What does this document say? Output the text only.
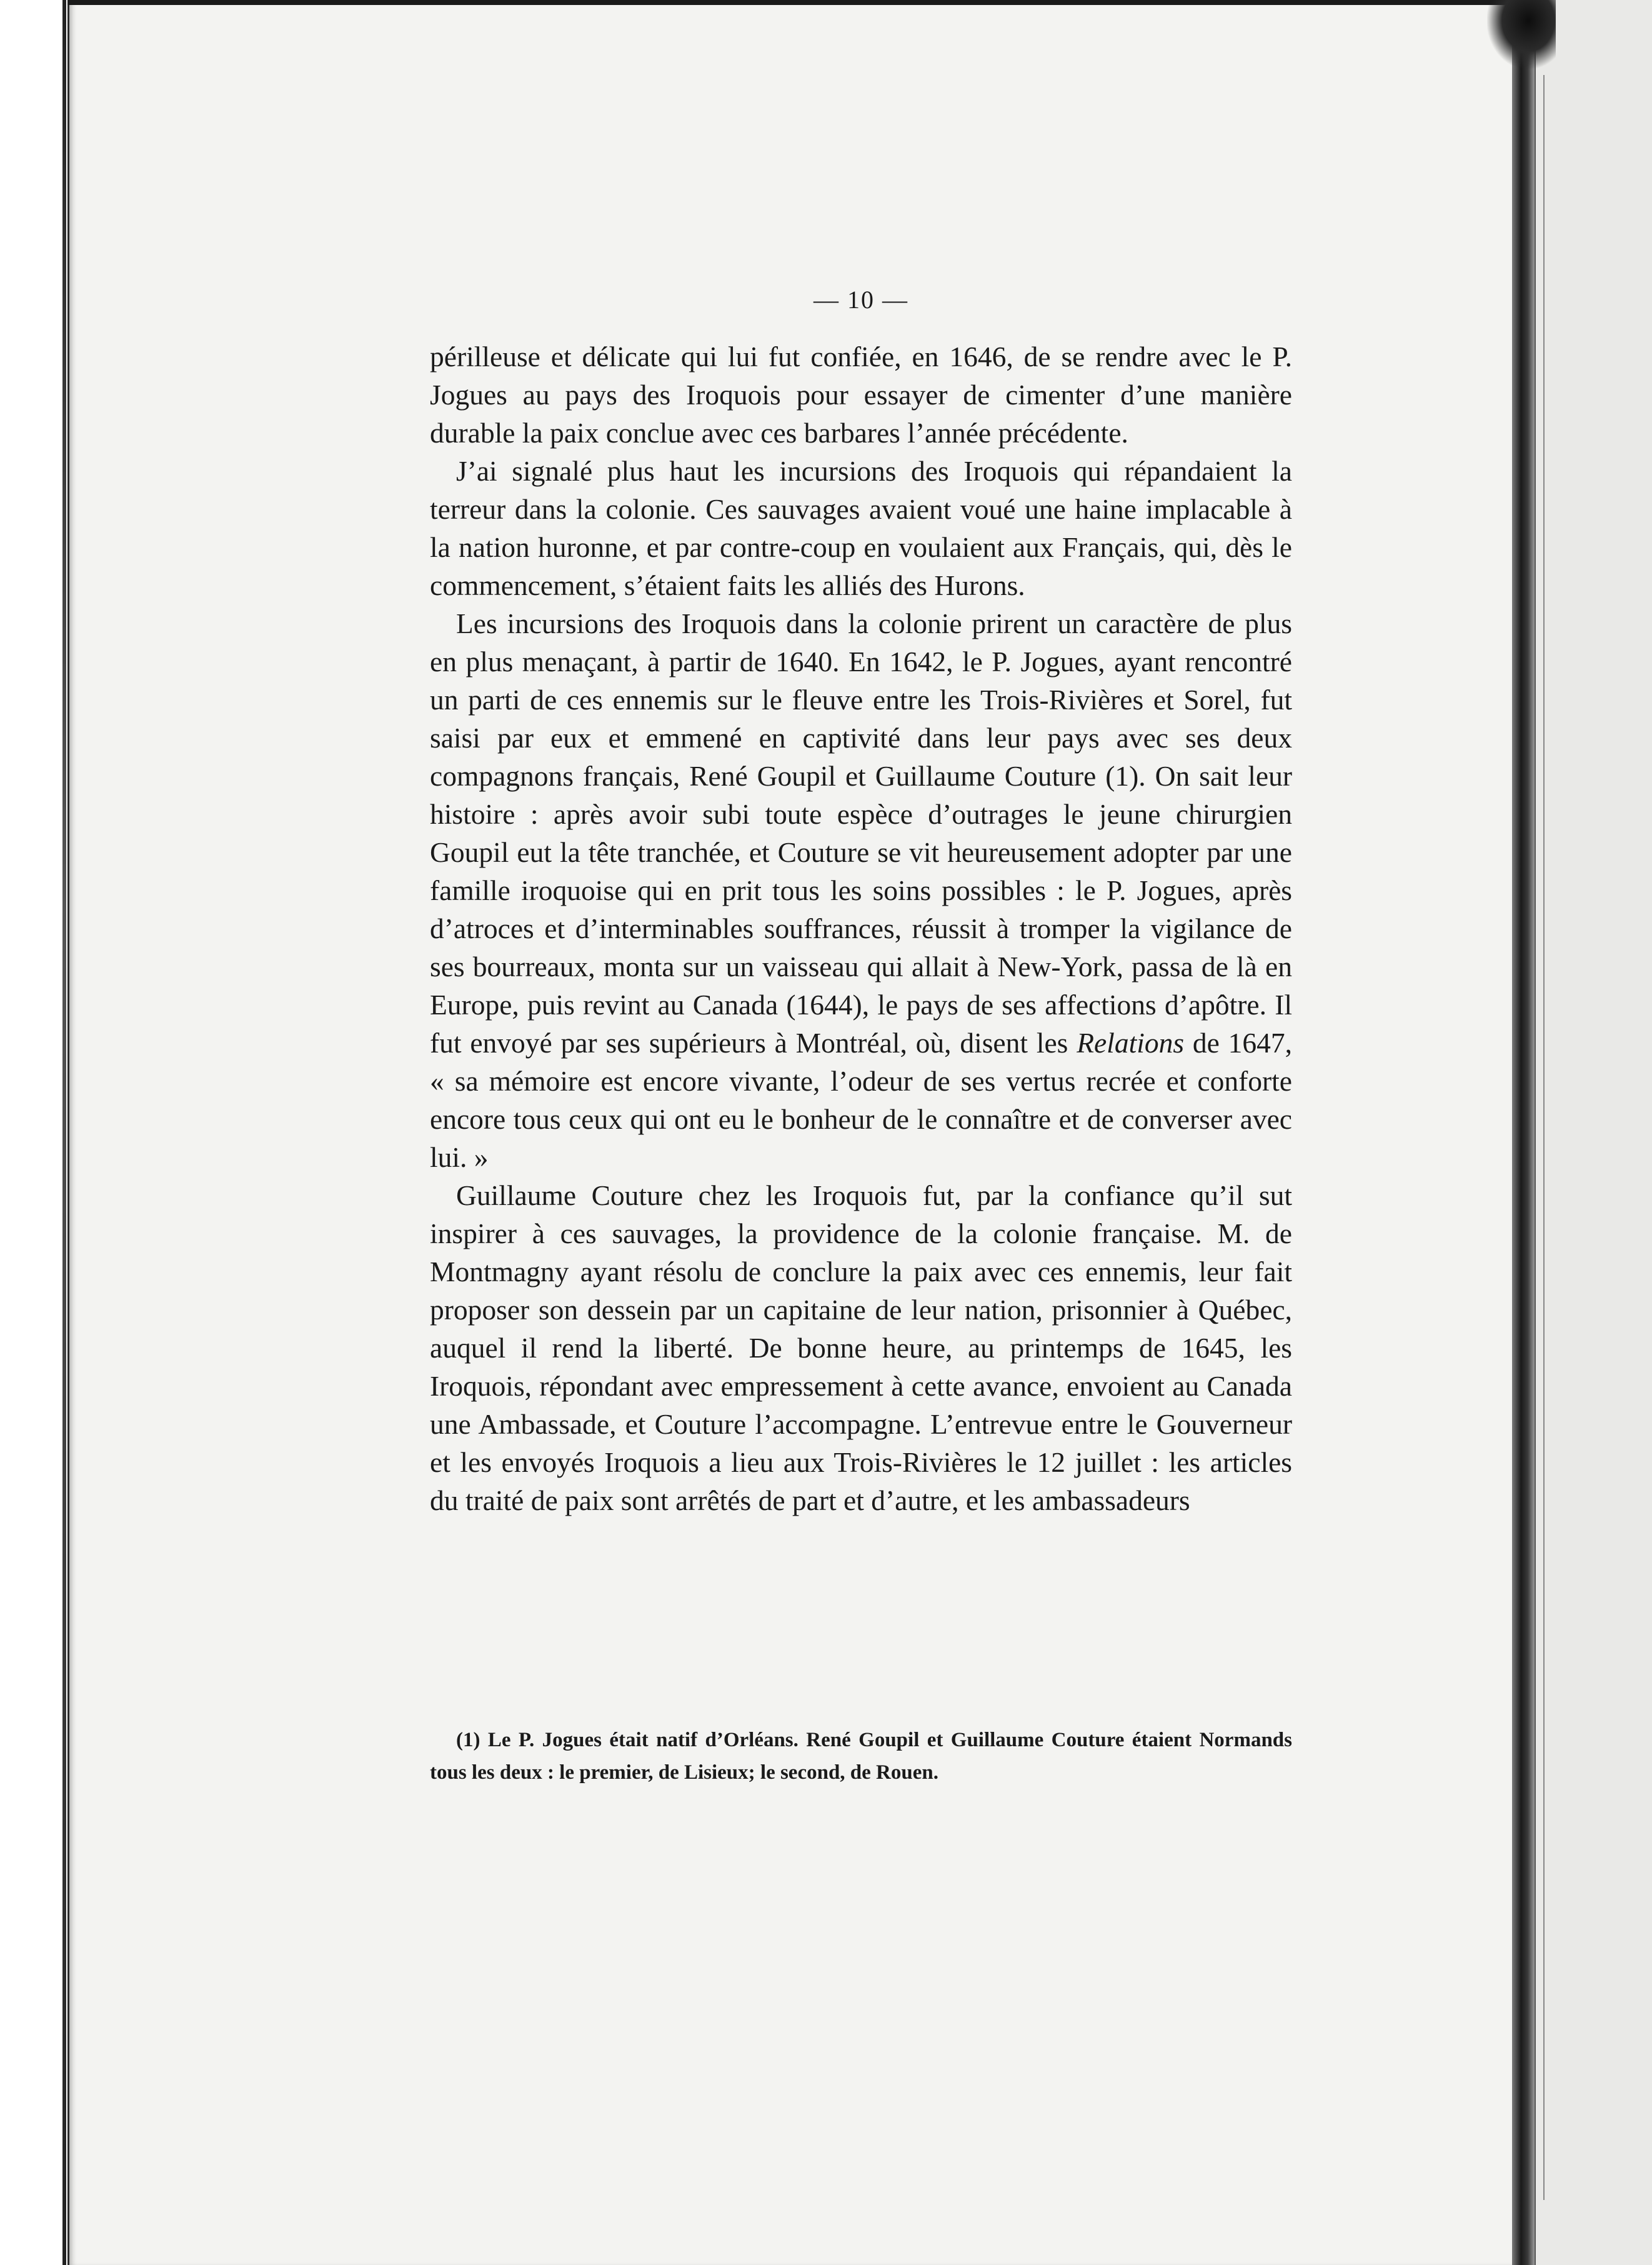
— 10 —

périlleuse et délicate qui lui fut confiée, en 1646, de se rendre avec le P. Jogues au pays des Iroquois pour essayer de cimenter d’une manière durable la paix conclue avec ces barbares l’année précédente.

J’ai signalé plus haut les incursions des Iroquois qui répandaient la terreur dans la colonie. Ces sauvages avaient voué une haine implacable à la nation huronne, et par contre-coup en voulaient aux Français, qui, dès le commencement, s’étaient faits les alliés des Hurons.

Les incursions des Iroquois dans la colonie prirent un caractère de plus en plus menaçant, à partir de 1640. En 1642, le P. Jogues, ayant rencontré un parti de ces ennemis sur le fleuve entre les Trois-Rivières et Sorel, fut saisi par eux et emmené en captivité dans leur pays avec ses deux compagnons français, René Goupil et Guillaume Couture (1). On sait leur histoire : après avoir subi toute espèce d’outrages le jeune chirurgien Goupil eut la tête tranchée, et Couture se vit heureusement adopter par une famille iroquoise qui en prit tous les soins possibles : le P. Jogues, après d’atroces et d’interminables souffrances, réussit à tromper la vigilance de ses bourreaux, monta sur un vaisseau qui allait à New-York, passa de là en Europe, puis revint au Canada (1644), le pays de ses affections d’apôtre. Il fut envoyé par ses supérieurs à Montréal, où, disent les Relations de 1647, « sa mémoire est encore vivante, l’odeur de ses vertus recrée et conforte encore tous ceux qui ont eu le bonheur de le connaître et de converser avec lui. »

Guillaume Couture chez les Iroquois fut, par la confiance qu’il sut inspirer à ces sauvages, la providence de la colonie française. M. de Montmagny ayant résolu de conclure la paix avec ces ennemis, leur fait proposer son dessein par un capitaine de leur nation, prisonnier à Québec, auquel il rend la liberté. De bonne heure, au printemps de 1645, les Iroquois, répondant avec empressement à cette avance, envoient au Canada une Ambassade, et Couture l’accompagne. L’entrevue entre le Gouverneur et les envoyés Iroquois a lieu aux Trois-Rivières le 12 juillet : les articles du traité de paix sont arrêtés de part et d’autre, et les ambassadeurs

(1) Le P. Jogues était natif d’Orléans. René Goupil et Guillaume Couture étaient Normands tous les deux : le premier, de Lisieux; le second, de Rouen.
